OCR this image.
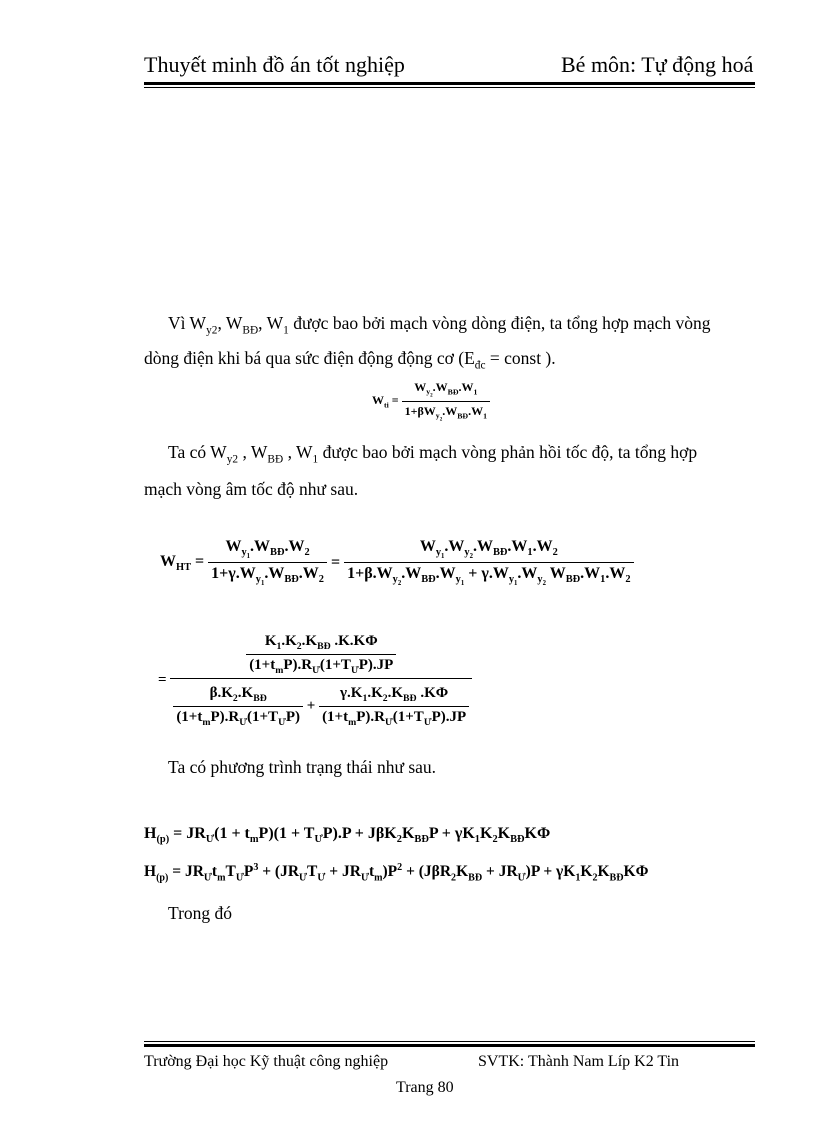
Thuyết minh đồ án tốt nghiệp	Bé môn: Tự động hoá
Vì $W_{y2}$, $W_{BĐ}$, $W_1$ được bao bởi mạch vòng dòng điện, ta tổng hợp mạch vòng
dòng điện khi bá qua sức điện động động cơ ($E_{đc}$ = const ).
$W_{ti} = \frac{W_{y_2}.W_{BĐ}.W_1}{1+\beta W_{y_2}.W_{BĐ}.W_1}$
Ta có $W_{y2}$ , $W_{BĐ}$ , $W_1$ được bao bởi mạch vòng phản hồi tốc độ, ta tổng hợp
mạch vòng âm tốc độ như sau.
$W_{HT} = \frac{W_{y_1}.W_{BĐ}.W_2}{1+\gamma.W_{y_1}.W_{BĐ}.W_2} = \frac{W_{y_1}.W_{y_2}.W_{BĐ}.W_1.W_2}{1+\beta.W_{y_2}.W_{BĐ}.W_{y_1} + \gamma.W_{y_1}.W_{y_2} W_{BĐ}.W_1.W_2}$
=
$\frac{K_1.K_2.K_{BĐ} .K.K\Phi}{(1+t_mP).R_Ư(1+T_ƯP).JP}$
$\frac{\beta.K_2.K_{BĐ}}{(1+t_mP).R_Ư(1+T_ƯP)} + \frac{\gamma.K_1.K_2.K_{BĐ} .K\Phi}{(1+t_mP).R_Ư(1+T_ƯP).JP}$
Ta có phương trình trạng thái như sau.
$H_{(p)} = JR_Ư(1 + t_mP)(1 + T_ƯP).P + J\beta K_2K_{BĐ}P + \gamma K_1K_2K_{BĐ}K\Phi$
$H_{(p)} = JR_Ưt_mT_ƯP^3 + (JR_ƯT_Ư + JR_Ưt_m)P^2 + (J\beta R_2K_{BĐ} + JR_Ư)P + \gamma K_1K_2K_{BĐ}K\Phi$
Trong đó
Trường Đại học Kỹ thuật công nghiệp	SVTK: Thành Nam Líp K2 Tin
Trang 80
